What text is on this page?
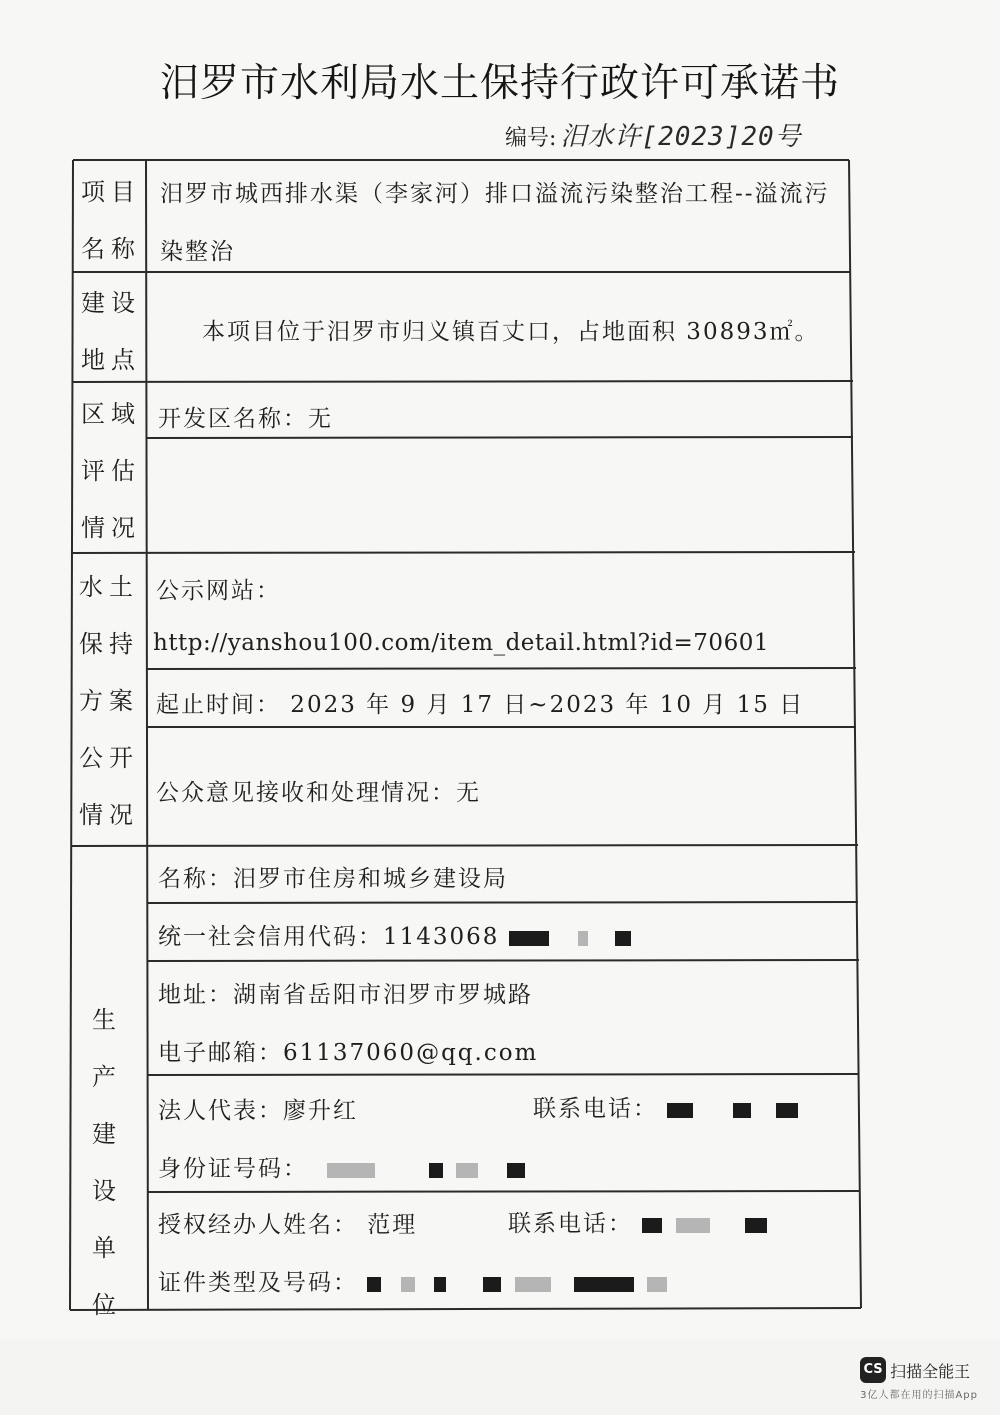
汨罗市水利局水土保持行政许可承诺书
编号: 汨水许[2023]20号
项目名称
汨罗市城西排水渠（李家河）排口溢流污染整治工程--溢流污
染整治
建设地点
本项目位于汨罗市归义镇百丈口，占地面积 30893㎡。
区域评估情况
开发区名称：无
水土保持方案公开情况
公示网站：
http://yanshou100.com/item_detail.html?id=70601
起止时间： 2023 年 9 月 17 日~2023 年 10 月 15 日
公众意见接收和处理情况：无
生产建设单位
名称：汨罗市住房和城乡建设局
统一社会信用代码：1143068
地址：湖南省岳阳市汨罗市罗城路
电子邮箱：61137060@qq.com
法人代表：廖升红	联系电话：
身份证号码：
授权经办人姓名： 范理	联系电话：
证件类型及号码：
CS 扫描全能王
3亿人都在用的扫描App
